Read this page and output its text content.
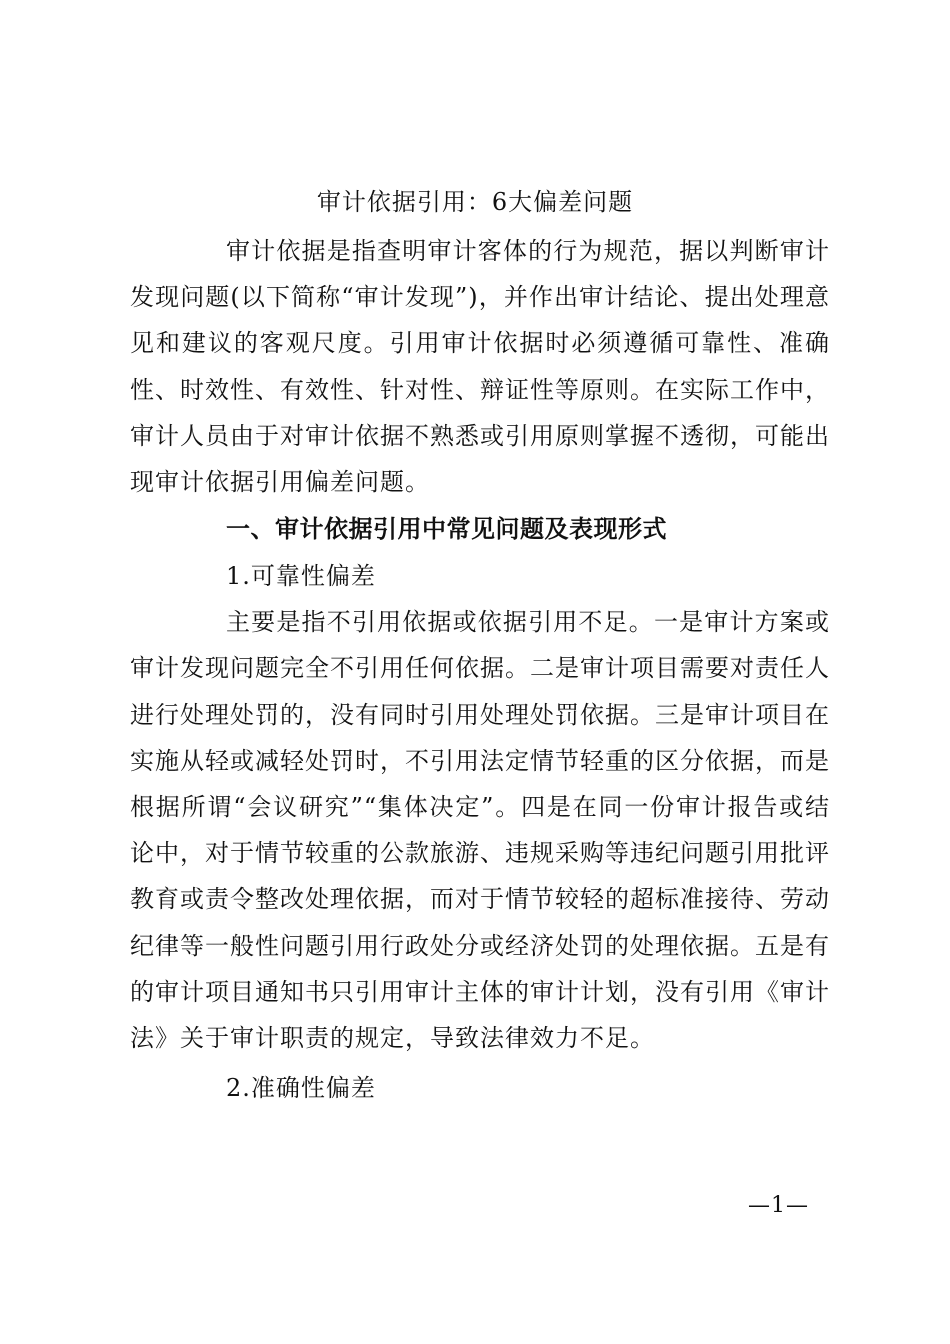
审计依据引用：6大偏差问题

审计依据是指查明审计客体的行为规范，据以判断审计发现问题(以下简称“审计发现”)，并作出审计结论、提出处理意见和建议的客观尺度。引用审计依据时必须遵循可靠性、准确性、时效性、有效性、针对性、辩证性等原则。在实际工作中，审计人员由于对审计依据不熟悉或引用原则掌握不透彻，可能出现审计依据引用偏差问题。

一、审计依据引用中常见问题及表现形式

1.可靠性偏差

主要是指不引用依据或依据引用不足。一是审计方案或审计发现问题完全不引用任何依据。二是审计项目需要对责任人进行处理处罚的，没有同时引用处理处罚依据。三是审计项目在实施从轻或减轻处罚时，不引用法定情节轻重的区分依据，而是根据所谓“会议研究”“集体决定”。四是在同一份审计报告或结论中，对于情节较重的公款旅游、违规采购等违纪问题引用批评教育或责令整改处理依据，而对于情节较轻的超标准接待、劳动纪律等一般性问题引用行政处分或经济处罚的处理依据。五是有的审计项目通知书只引用审计主体的审计计划，没有引用《审计法》关于审计职责的规定，导致法律效力不足。

2.准确性偏差

—1—
